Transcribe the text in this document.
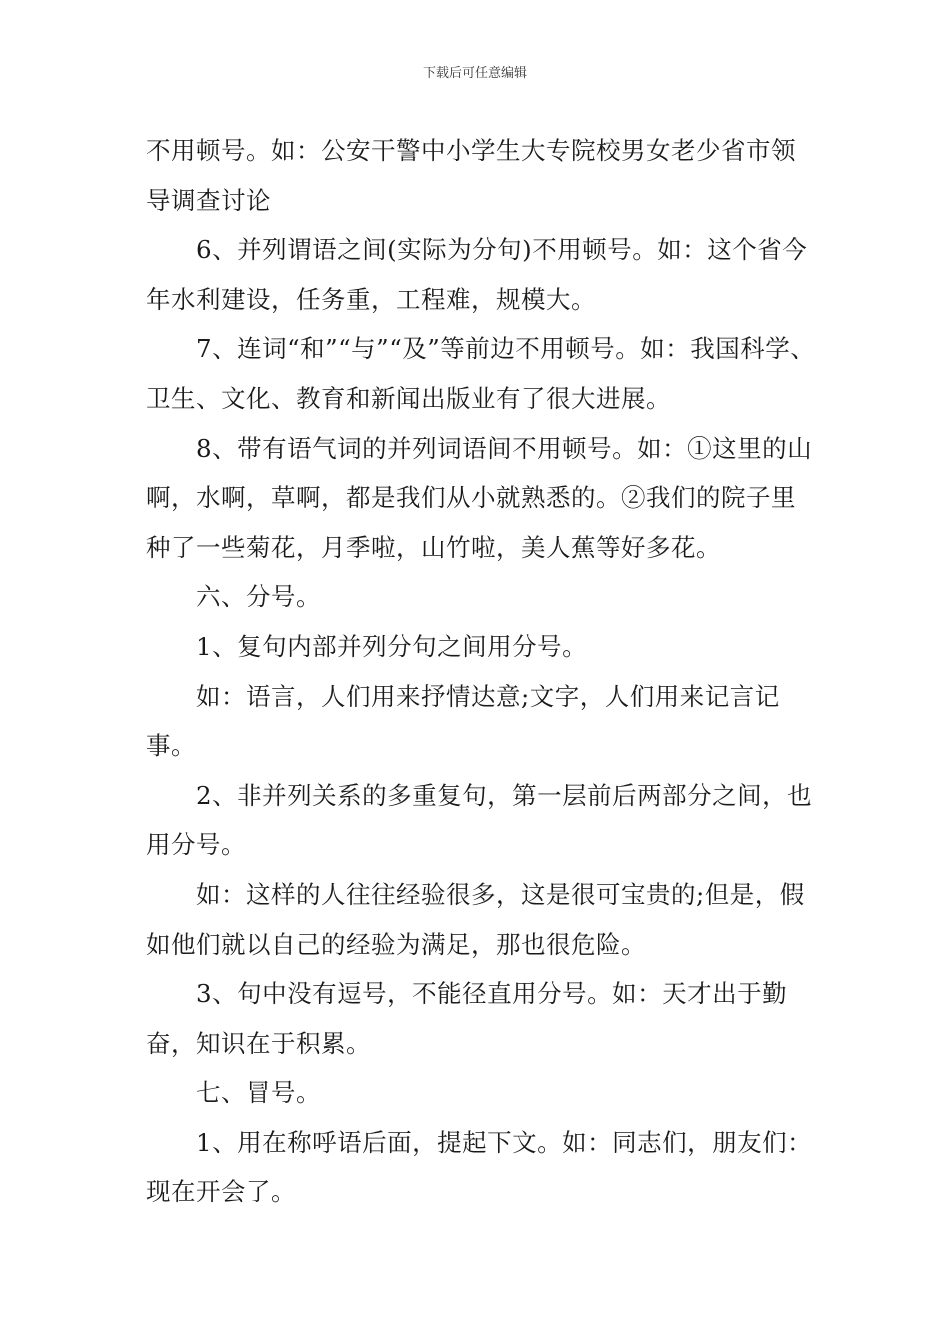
下载后可任意编辑

不用顿号。如：公安干警中小学生大专院校男女老少省市领导调查讨论

6、并列谓语之间(实际为分句)不用顿号。如：这个省今年水利建设，任务重，工程难，规模大。

7、连词“和”“与”“及”等前边不用顿号。如：我国科学、卫生、文化、教育和新闻出版业有了很大进展。

8、带有语气词的并列词语间不用顿号。如：①这里的山啊，水啊，草啊，都是我们从小就熟悉的。②我们的院子里种了一些菊花，月季啦，山竹啦，美人蕉等好多花。

六、分号。

1、复句内部并列分句之间用分号。

如：语言，人们用来抒情达意;文字，人们用来记言记事。

2、非并列关系的多重复句，第一层前后两部分之间，也用分号。

如：这样的人往往经验很多，这是很可宝贵的;但是，假如他们就以自己的经验为满足，那也很危险。

3、句中没有逗号，不能径直用分号。如：天才出于勤奋，知识在于积累。

七、冒号。

1、用在称呼语后面，提起下文。如：同志们，朋友们：现在开会了。
